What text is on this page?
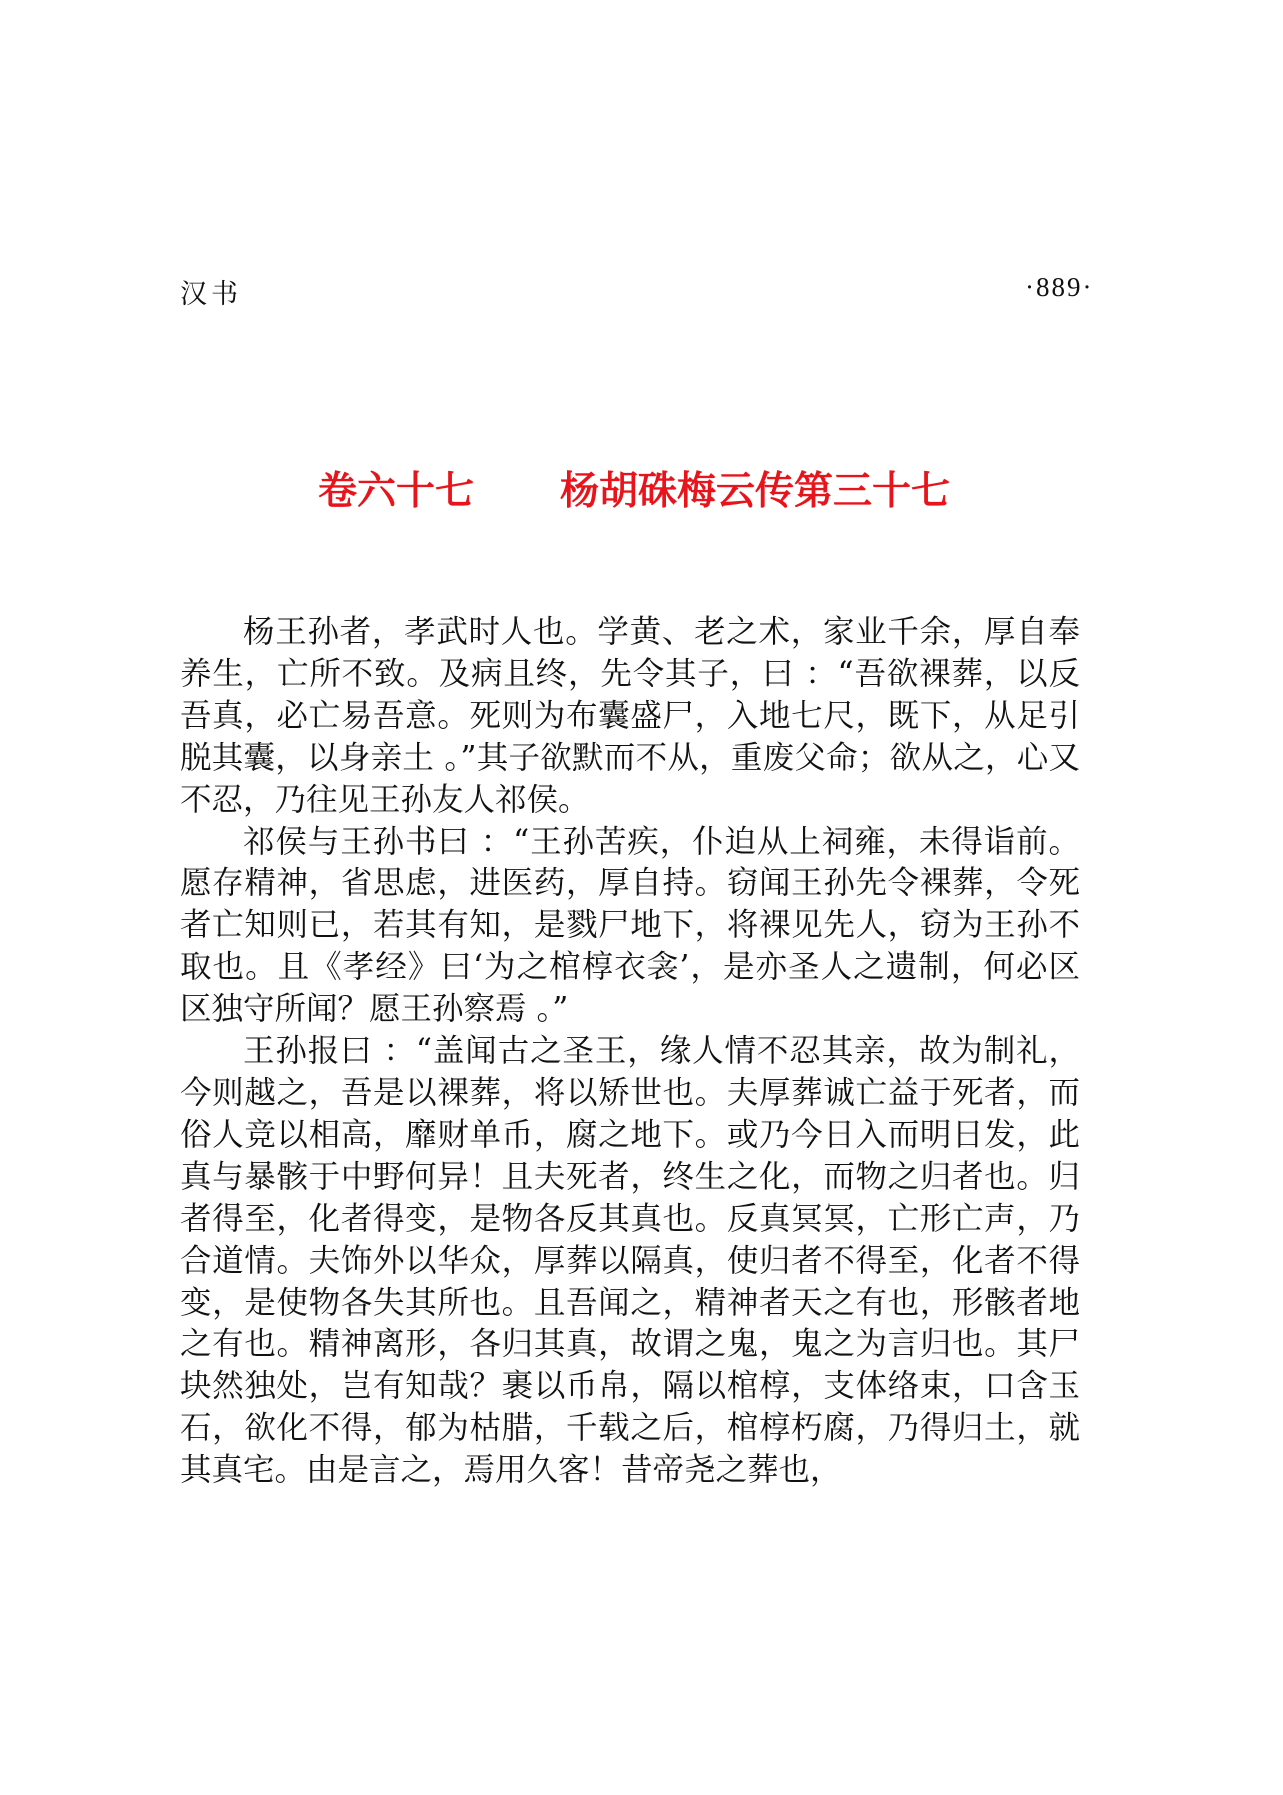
汉书	·889·
卷六十七 杨胡硃梅云传第三十七

杨王孙者，孝武时人也。学黄、老之术，家业千余，厚自奉养生，亡所不致。及病且终，先令其子，曰 ：“吾欲裸葬，以反吾真，必亡易吾意。死则为布囊盛尸，入地七尺，既下，从足引脱其囊，以身亲土 。”其子欲默而不从，重废父命；欲从之，心又不忍，乃往见王孙友人祁侯。

祁侯与王孙书曰 ：“王孙苦疾，仆迫从上祠雍，未得诣前。愿存精神，省思虑，进医药，厚自持。窃闻王孙先令裸葬，令死者亡知则已，若其有知，是戮尸地下，将裸见先人，窃为王孙不取也。且《孝经》曰‘为之棺椁衣衾’，是亦圣人之遗制，何必区区独守所闻？愿王孙察焉 。”

王孙报曰 ：“盖闻古之圣王，缘人情不忍其亲，故为制礼，今则越之，吾是以裸葬，将以矫世也。夫厚葬诚亡益于死者，而俗人竞以相高，靡财单币，腐之地下。或乃今日入而明日发，此真与暴骸于中野何异！且夫死者，终生之化，而物之归者也。归者得至，化者得变，是物各反其真也。反真冥冥，亡形亡声，乃合道情。夫饰外以华众，厚葬以隔真，使归者不得至，化者不得变，是使物各失其所也。且吾闻之，精神者天之有也，形骸者地之有也。精神离形，各归其真，故谓之鬼，鬼之为言归也。其尸块然独处，岂有知哉？裹以币帛，隔以棺椁，支体络束，口含玉石，欲化不得，郁为枯腊，千载之后，棺椁朽腐，乃得归土，就其真宅。由是言之，焉用久客！昔帝尧之葬也，
